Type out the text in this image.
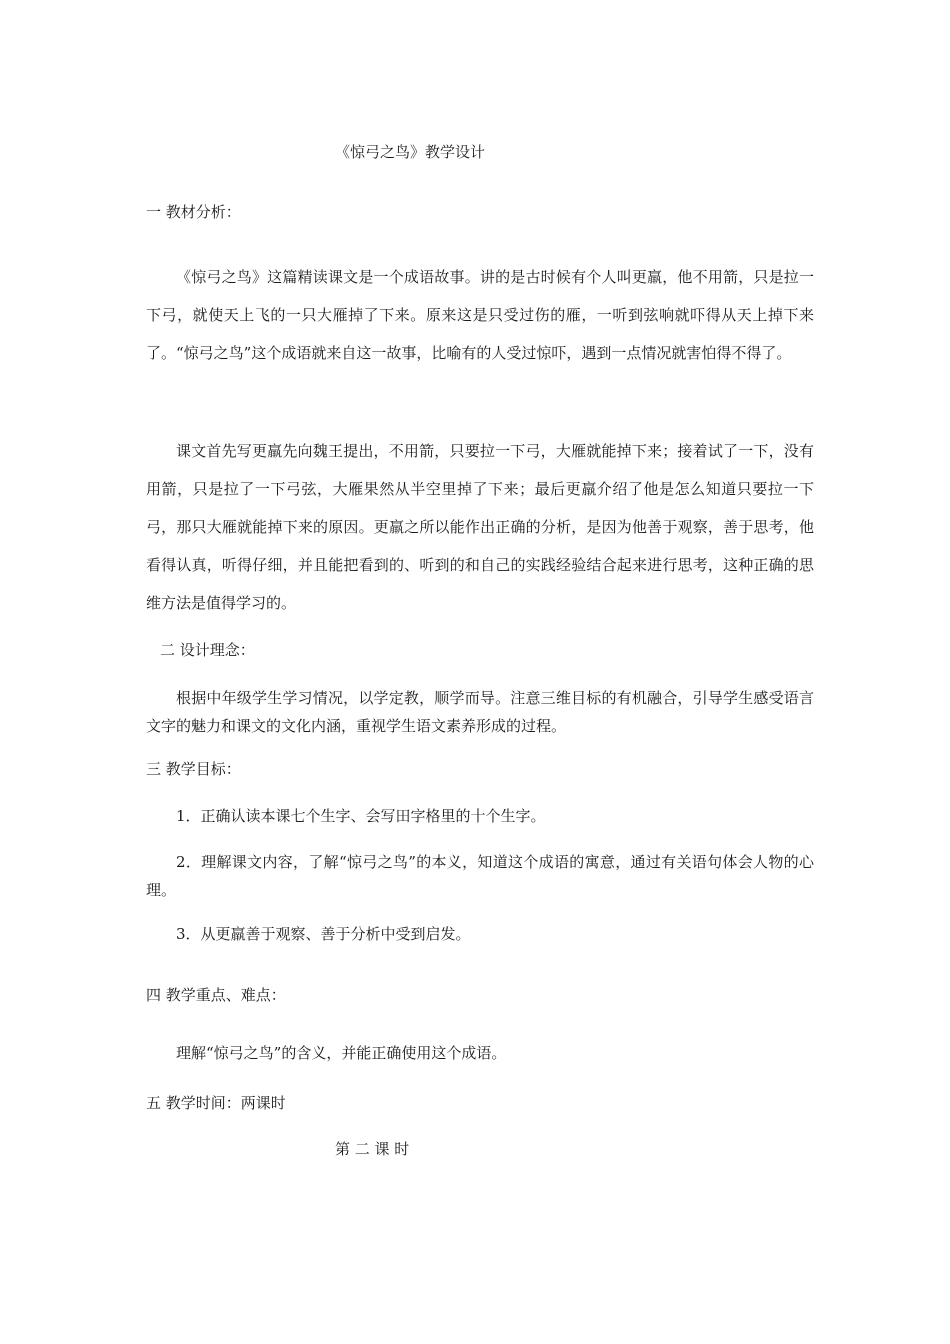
《惊弓之鸟》教学设计
一 教材分析：
《惊弓之鸟》这篇精读课文是一个成语故事。讲的是古时候有个人叫更羸，他不用箭，只是拉一下弓，就使天上飞的一只大雁掉了下来。原来这是只受过伤的雁，一听到弦响就吓得从天上掉下来了。“惊弓之鸟”这个成语就来自这一故事，比喻有的人受过惊吓，遇到一点情况就害怕得不得了。
课文首先写更羸先向魏王提出，不用箭，只要拉一下弓，大雁就能掉下来；接着试了一下，没有用箭，只是拉了一下弓弦，大雁果然从半空里掉了下来；最后更羸介绍了他是怎么知道只要拉一下弓，那只大雁就能掉下来的原因。更羸之所以能作出正确的分析，是因为他善于观察，善于思考，他看得认真，听得仔细，并且能把看到的、听到的和自己的实践经验结合起来进行思考，这种正确的思维方法是值得学习的。
二 设计理念：
根据中年级学生学习情况，以学定教，顺学而导。注意三维目标的有机融合，引导学生感受语言文字的魅力和课文的文化内涵，重视学生语文素养形成的过程。
三 教学目标：
1．正确认读本课七个生字、会写田字格里的十个生字。
2．理解课文内容，了解“惊弓之鸟”的本义，知道这个成语的寓意，通过有关语句体会人物的心理。
3．从更羸善于观察、善于分析中受到启发。
四 教学重点、难点：
理解“惊弓之鸟”的含义，并能正确使用这个成语。
五 教学时间：两课时
第 二 课 时
